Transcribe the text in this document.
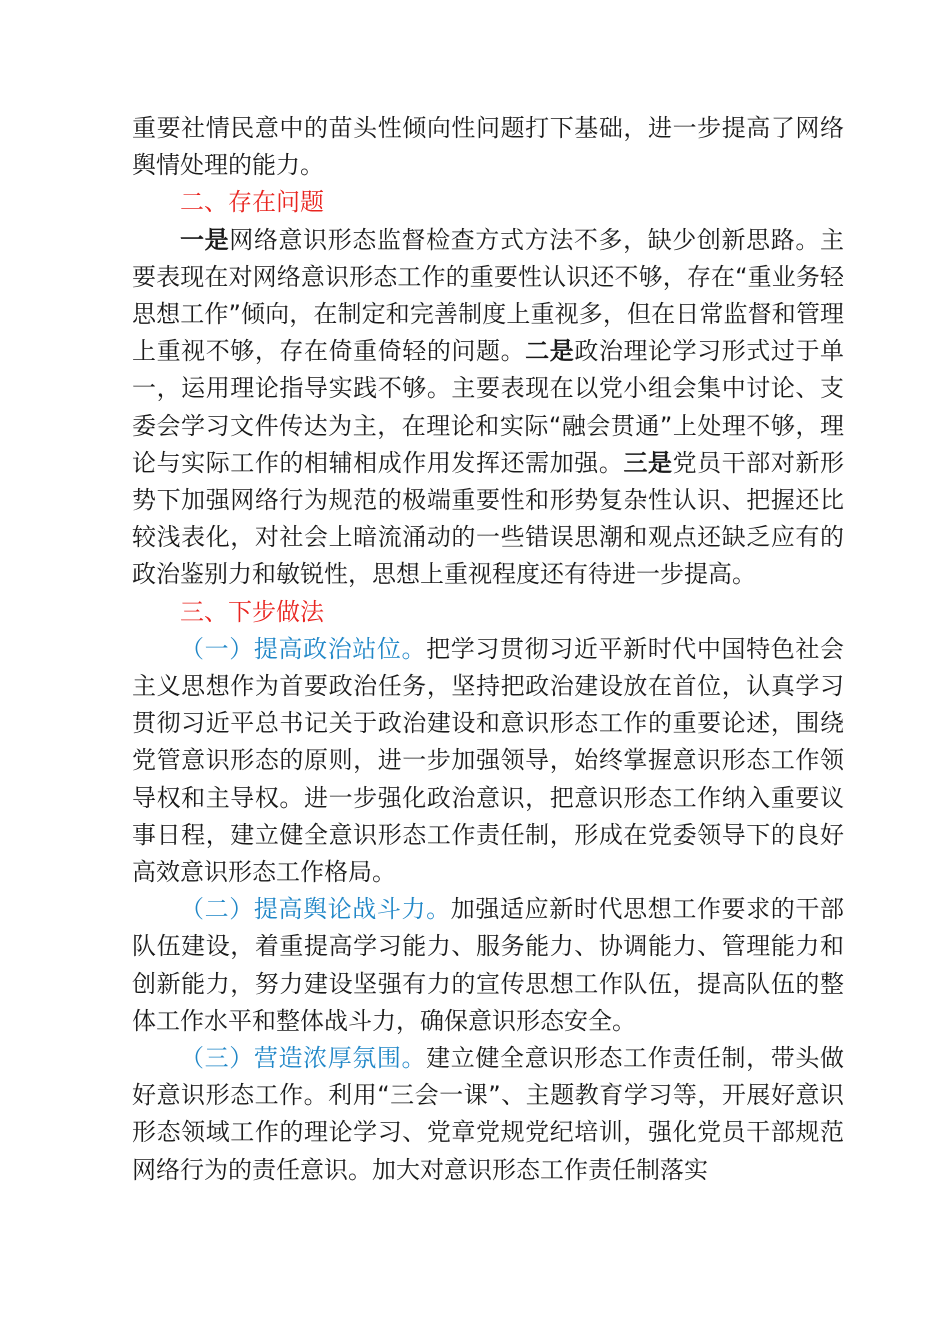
重要社情民意中的苗头性倾向性问题打下基础，进一步提高了网络舆情处理的能力。

二、存在问题

一是网络意识形态监督检查方式方法不多，缺少创新思路。主要表现在对网络意识形态工作的重要性认识还不够，存在“重业务轻思想工作”倾向，在制定和完善制度上重视多，但在日常监督和管理上重视不够，存在倚重倚轻的问题。二是政治理论学习形式过于单一，运用理论指导实践不够。主要表现在以党小组会集中讨论、支委会学习文件传达为主，在理论和实际“融会贯通”上处理不够，理论与实际工作的相辅相成作用发挥还需加强。三是党员干部对新形势下加强网络行为规范的极端重要性和形势复杂性认识、把握还比较浅表化，对社会上暗流涌动的一些错误思潮和观点还缺乏应有的政治鉴别力和敏锐性，思想上重视程度还有待进一步提高。

三、下步做法

（一）提高政治站位。把学习贯彻习近平新时代中国特色社会主义思想作为首要政治任务，坚持把政治建设放在首位，认真学习贯彻习近平总书记关于政治建设和意识形态工作的重要论述，围绕党管意识形态的原则，进一步加强领导，始终掌握意识形态工作领导权和主导权。进一步强化政治意识，把意识形态工作纳入重要议事日程，建立健全意识形态工作责任制，形成在党委领导下的良好高效意识形态工作格局。

（二）提高舆论战斗力。加强适应新时代思想工作要求的干部队伍建设，着重提高学习能力、服务能力、协调能力、管理能力和创新能力，努力建设坚强有力的宣传思想工作队伍，提高队伍的整体工作水平和整体战斗力，确保意识形态安全。

（三）营造浓厚氛围。建立健全意识形态工作责任制，带头做好意识形态工作。利用“三会一课”、主题教育学习等，开展好意识形态领域工作的理论学习、党章党规党纪培训，强化党员干部规范网络行为的责任意识。加大对意识形态工作责任制落实
